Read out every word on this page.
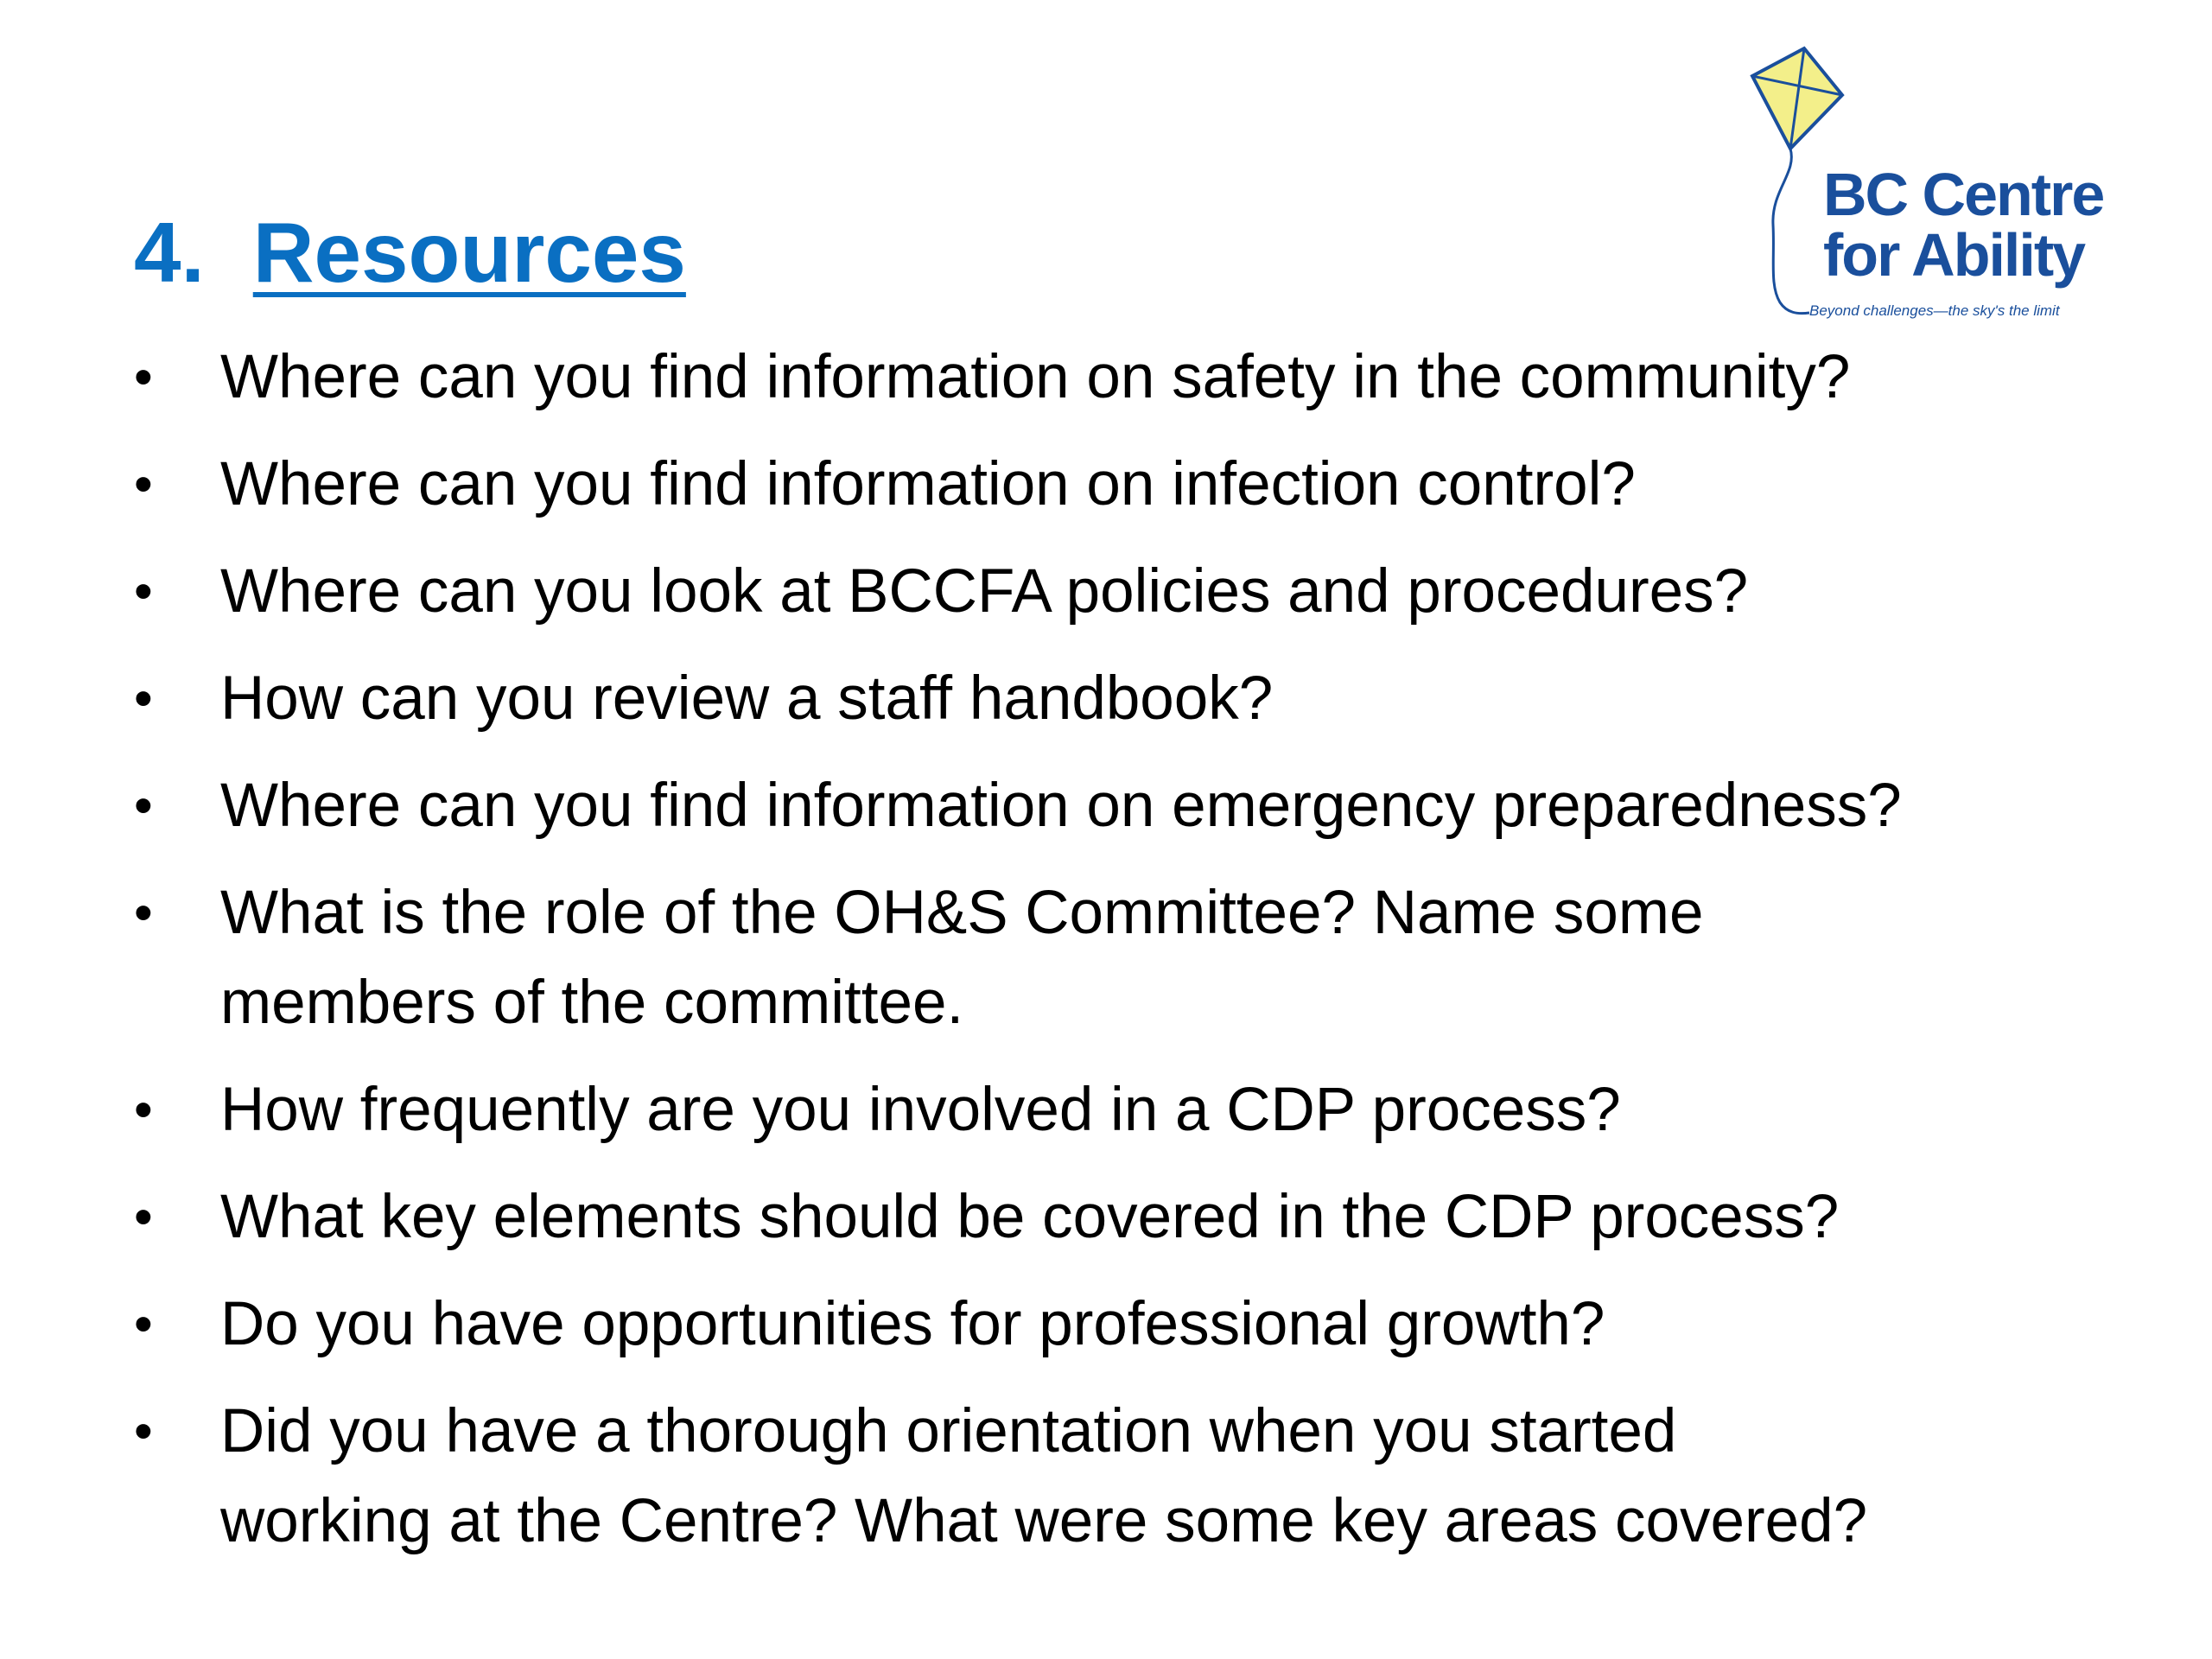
4. Resources
BC Centre
for Ability
Beyond challenges—the sky's the limit
• Where can you find information on safety in the community?
• Where can you find information on infection control?
• Where can you look at BCCFA policies and procedures?
• How can you review a staff handbook?
• Where can you find information on emergency preparedness?
• What is the role of the OH&S Committee? Name some
members of the committee.
• How frequently are you involved in a CDP process?
• What key elements should be covered in the CDP process?
• Do you have opportunities for professional growth?
• Did you have a thorough orientation when you started
working at the Centre? What were some key areas covered?
